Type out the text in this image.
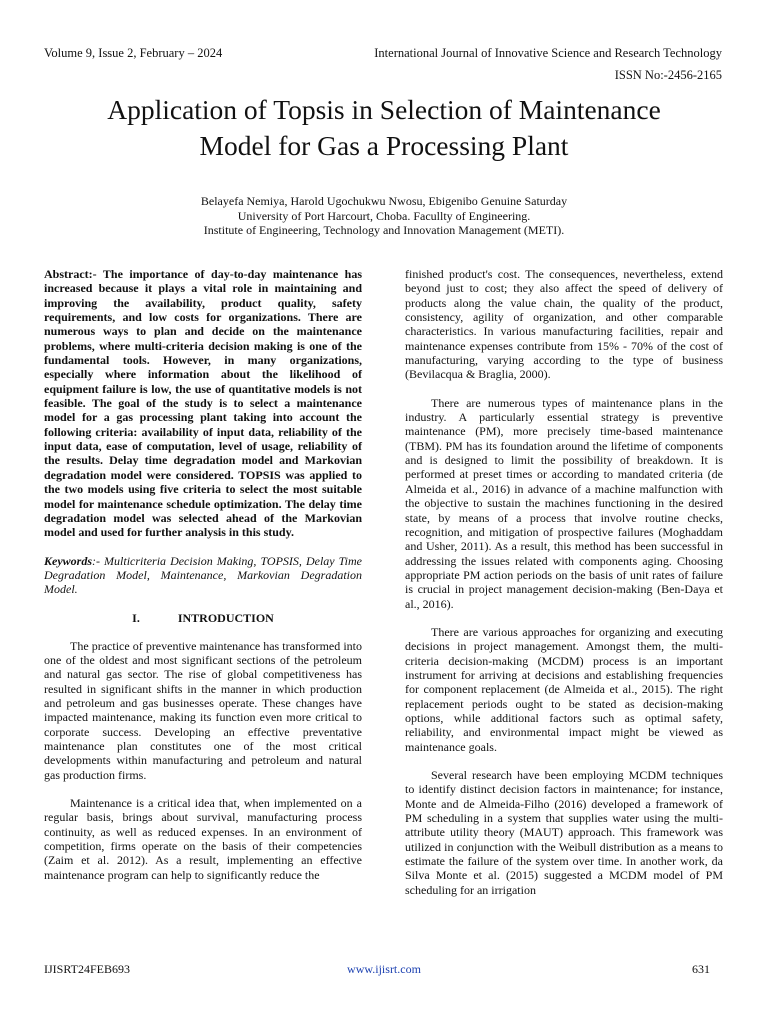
Volume 9, Issue 2, February – 2024	International Journal of Innovative Science and Research Technology
ISSN No:-2456-2165
Application of Topsis in Selection of Maintenance
Model for Gas a Processing Plant
Belayefa Nemiya, Harold Ugochukwu Nwosu, Ebigenibo Genuine Saturday
University of Port Harcourt, Choba. Facullty of Engineering.
Institute of Engineering, Technology and Innovation Management (METI).

Abstract:- The importance of day-to-day maintenance has increased because it plays a vital role in maintaining and improving the availability, product quality, safety requirements, and low costs for organizations. There are numerous ways to plan and decide on the maintenance problems, where multi-criteria decision making is one of the fundamental tools. However, in many organizations, especially where information about the likelihood of equipment failure is low, the use of quantitative models is not feasible. The goal of the study is to select a maintenance model for a gas processing plant taking into account the following criteria: availability of input data, reliability of the input data, ease of computation, level of usage, reliability of the results. Delay time degradation model and Markovian degradation model were considered. TOPSIS was applied to the two models using five criteria to select the most suitable model for maintenance schedule optimization. The delay time degradation model was selected ahead of the Markovian model and used for further analysis in this study.

Keywords:- Multicriteria Decision Making, TOPSIS, Delay Time Degradation Model, Maintenance, Markovian Degradation Model.

I.	INTRODUCTION

The practice of preventive maintenance has transformed into one of the oldest and most significant sections of the petroleum and natural gas sector. The rise of global competitiveness has resulted in significant shifts in the manner in which production and petroleum and gas businesses operate. These changes have impacted maintenance, making its function even more critical to corporate success. Developing an effective preventative maintenance plan constitutes one of the most critical developments within manufacturing and petroleum and natural gas production firms.

Maintenance is a critical idea that, when implemented on a regular basis, brings about survival, manufacturing process continuity, as well as reduced expenses. In an environment of competition, firms operate on the basis of their competencies (Zaim et al. 2012). As a result, implementing an effective maintenance program can help to significantly reduce the

finished product's cost. The consequences, nevertheless, extend beyond just to cost; they also affect the speed of delivery of products along the value chain, the quality of the product, consistency, agility of organization, and other comparable characteristics. In various manufacturing facilities, repair and maintenance expenses contribute from 15% - 70% of the cost of manufacturing, varying according to the type of business (Bevilacqua & Braglia, 2000).

There are numerous types of maintenance plans in the industry. A particularly essential strategy is preventive maintenance (PM), more precisely time-based maintenance (TBM). PM has its foundation around the lifetime of components and is designed to limit the possibility of breakdown. It is performed at preset times or according to mandated criteria (de Almeida et al., 2016) in advance of a machine malfunction with the objective to sustain the machines functioning in the desired state, by means of a process that involve routine checks, recognition, and mitigation of prospective failures (Moghaddam and Usher, 2011). As a result, this method has been successful in addressing the issues related with components aging. Choosing appropriate PM action periods on the basis of unit rates of failure is crucial in project management decision-making (Ben-Daya et al., 2016).

There are various approaches for organizing and executing decisions in project management. Amongst them, the multi-criteria decision-making (MCDM) process is an important instrument for arriving at decisions and establishing frequencies for component replacement (de Almeida et al., 2015). The right replacement periods ought to be stated as decision-making options, while additional factors such as optimal safety, reliability, and environmental impact might be viewed as maintenance goals.

Several research have been employing MCDM techniques to identify distinct decision factors in maintenance; for instance, Monte and de Almeida-Filho (2016) developed a framework of PM scheduling in a system that supplies water using the multi-attribute utility theory (MAUT) approach. This framework was utilized in conjunction with the Weibull distribution as a means to estimate the failure of the system over time. In another work, da Silva Monte et al. (2015) suggested a MCDM model of PM scheduling for an irrigation

IJISRT24FEB693	www.ijisrt.com	631
